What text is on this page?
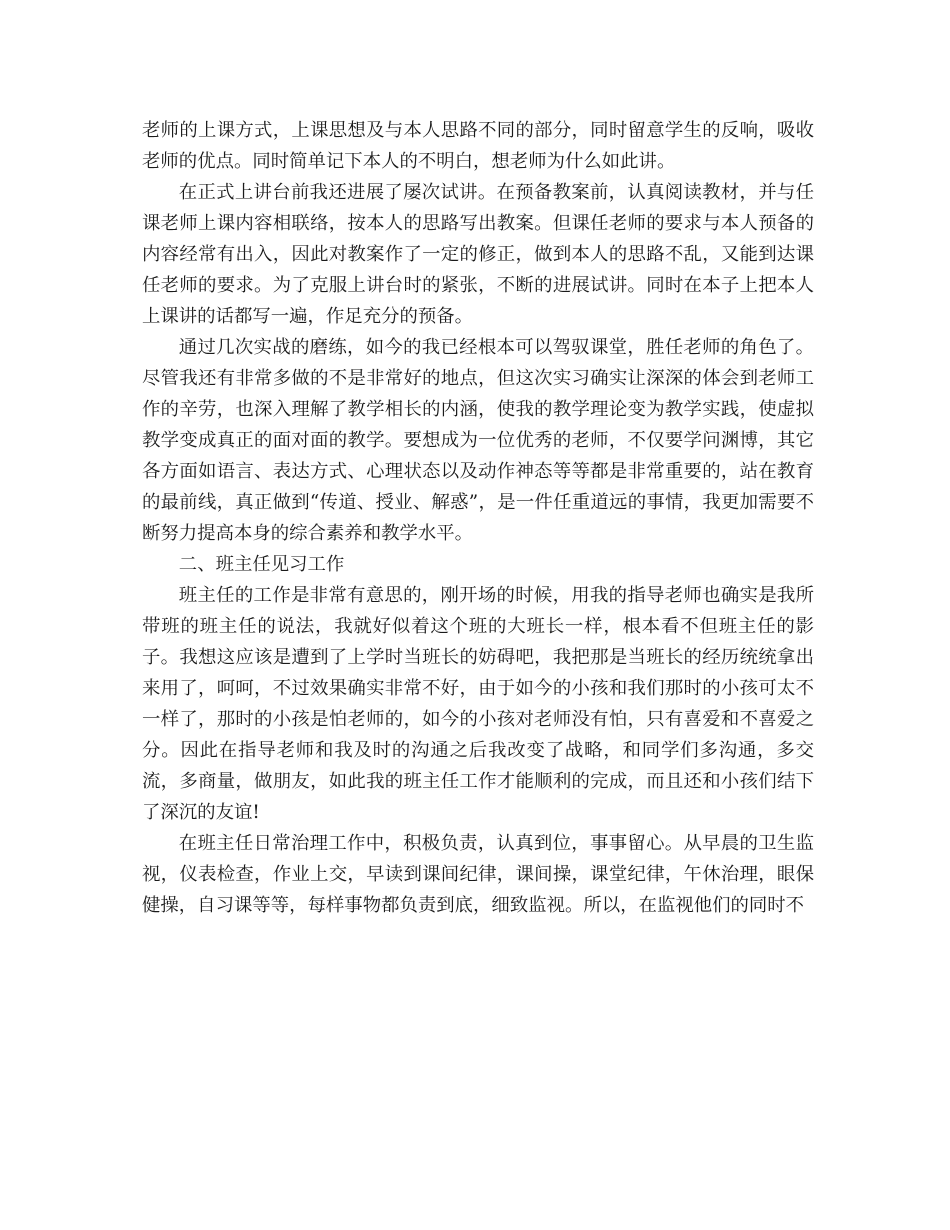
老师的上课方式，上课思想及与本人思路不同的部分，同时留意学生的反响，吸收老师的优点。同时简单记下本人的不明白，想老师为什么如此讲。

在正式上讲台前我还进展了屡次试讲。在预备教案前，认真阅读教材，并与任课老师上课内容相联络，按本人的思路写出教案。但课任老师的要求与本人预备的内容经常有出入，因此对教案作了一定的修正，做到本人的思路不乱，又能到达课任老师的要求。为了克服上讲台时的紧张，不断的进展试讲。同时在本子上把本人上课讲的话都写一遍，作足充分的预备。

通过几次实战的磨练，如今的我已经根本可以驾驭课堂，胜任老师的角色了。尽管我还有非常多做的不是非常好的地点，但这次实习确实让深深的体会到老师工作的辛劳，也深入理解了教学相长的内涵，使我的教学理论变为教学实践，使虚拟教学变成真正的面对面的教学。要想成为一位优秀的老师，不仅要学问渊博，其它各方面如语言、表达方式、心理状态以及动作神态等等都是非常重要的，站在教育的最前线，真正做到“传道、授业、解惑”，是一件任重道远的事情，我更加需要不断努力提高本身的综合素养和教学水平。

二、班主任见习工作

班主任的工作是非常有意思的，刚开场的时候，用我的指导老师也确实是我所带班的班主任的说法，我就好似着这个班的大班长一样，根本看不但班主任的影子。我想这应该是遭到了上学时当班长的妨碍吧，我把那是当班长的经历统统拿出来用了，呵呵，不过效果确实非常不好，由于如今的小孩和我们那时的小孩可太不一样了，那时的小孩是怕老师的，如今的小孩对老师没有怕，只有喜爱和不喜爱之分。因此在指导老师和我及时的沟通之后我改变了战略，和同学们多沟通，多交流，多商量，做朋友，如此我的班主任工作才能顺利的完成，而且还和小孩们结下了深沉的友谊!

在班主任日常治理工作中，积极负责，认真到位，事事留心。从早晨的卫生监视，仪表检查，作业上交，早读到课间纪律，课间操，课堂纪律，午休治理，眼保健操，自习课等等，每样事物都负责到底，细致监视。所以，在监视他们的同时不
